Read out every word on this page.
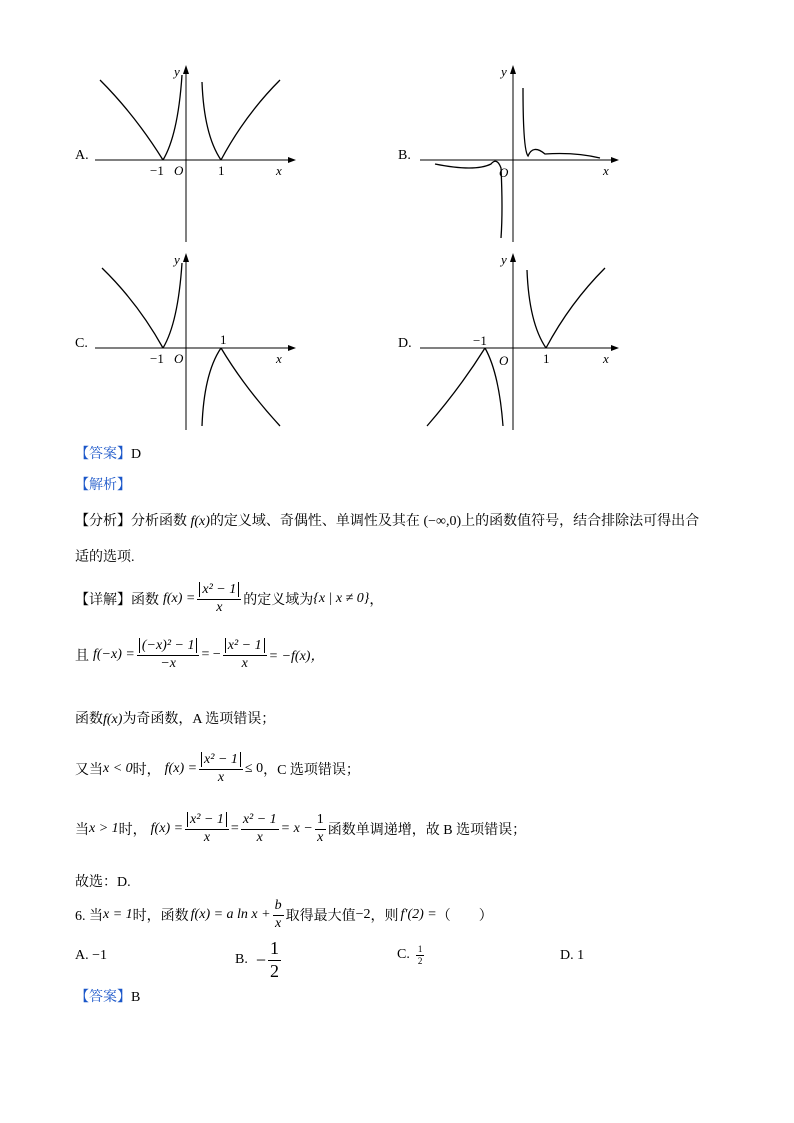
A.
y
x
O
−1	1
B.
y
x
O
C.
y
x
O
−1
1	D.
y
x
O
−1
1
【答案】D
【解析】
【分析】分析函数 f(x)的定义域、奇偶性、单调性及其在 (−∞,0)上的函数值符号，结合排除法可得出合
适的选项.
【详解】 函数 $f(x) = \frac{\text{x² − 1}}{x}$ 的定义域为 {x | x ≠ 0} ，
且 $f(-x) = \frac{\text{(−x)² − 1}}{-x}$ = − $\frac{\text{x² − 1}}{x} = -f(x)$，
函数f(x)为奇函数，A 选项错误；
又当 x < 0 时， $f(x) = \frac{\text{x² − 1}}{x} \le 0$ ，C 选项错误；
当 x > 1 时， $f(x) = \frac{\text{x² − 1}}{x} = \frac{\text{x² − 1}}{x} = x - \frac{1}{x}$ 函数单调递增，故 B 选项错误；
故选：D.
6. 当 x = 1 时，函数 f(x) = a $\ln x + \frac{b}{x}$ 取得最大值 −2 ，则 f′(2) = （　　）
A. −1	B. − $\frac{1}{2}$	C. $\frac{1}{2}$	D. 1
【答案】B
